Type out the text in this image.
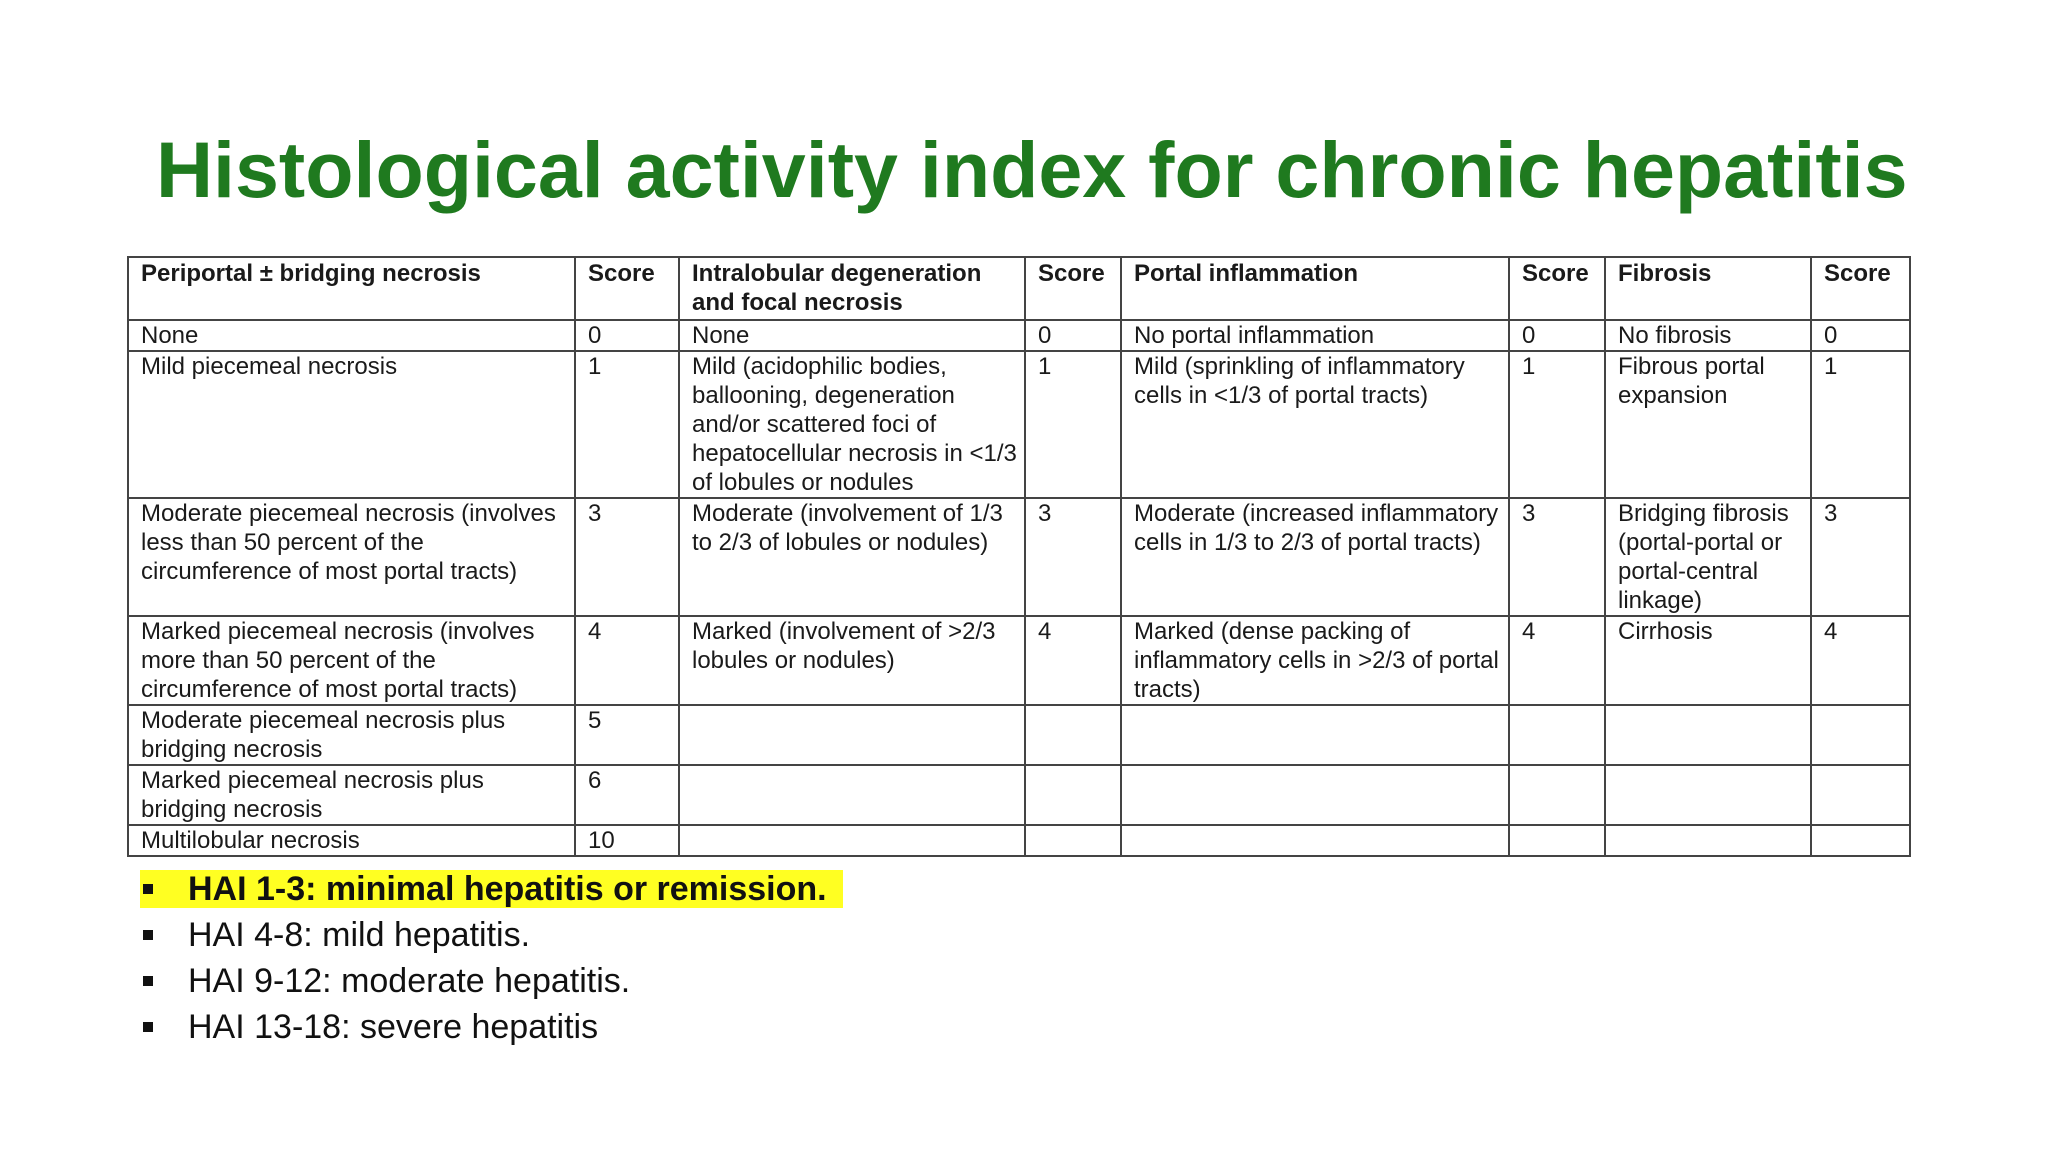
Histological activity index for chronic hepatitis
Periportal ± bridging necrosis	Score	Intralobular degeneration and focal necrosis	Score	Portal inflammation	Score	Fibrosis	Score
None	0	None	0	No portal inflammation	0	No fibrosis	0
Mild piecemeal necrosis	1	Mild (acidophilic bodies, ballooning, degeneration and/or scattered foci of hepatocellular necrosis in <1/3 of lobules or nodules	1	Mild (sprinkling of inflammatory cells in <1/3 of portal tracts)	1	Fibrous portal expansion	1
Moderate piecemeal necrosis (involves less than 50 percent of the circumference of most portal tracts)	3	Moderate (involvement of 1/3 to 2/3 of lobules or nodules)	3	Moderate (increased inflammatory cells in 1/3 to 2/3 of portal tracts)	3	Bridging fibrosis (portal-portal or portal-central linkage)	3
Marked piecemeal necrosis (involves more than 50 percent of the circumference of most portal tracts)	4	Marked (involvement of >2/3 lobules or nodules)	4	Marked (dense packing of inflammatory cells in >2/3 of portal tracts)	4	Cirrhosis	4
Moderate piecemeal necrosis plus bridging necrosis	5						
Marked piecemeal necrosis plus bridging necrosis	6						
Multilobular necrosis	10						
HAI 1-3: minimal hepatitis or remission.
HAI 4-8: mild hepatitis.
HAI 9-12: moderate hepatitis.
HAI 13-18: severe hepatitis
